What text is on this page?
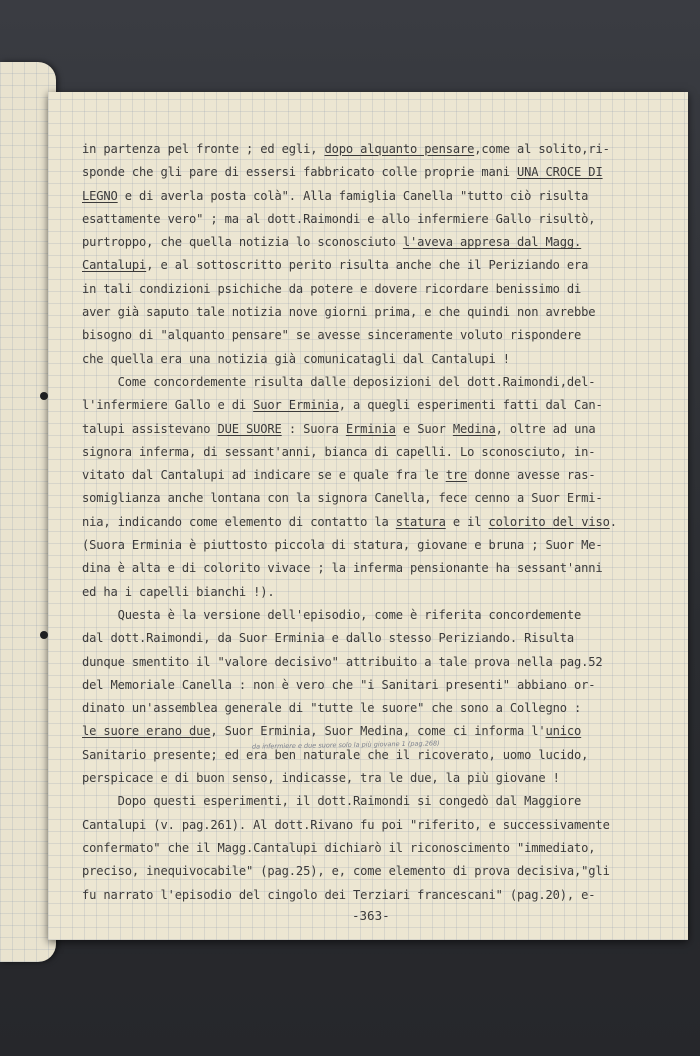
in partenza pel fronte ; ed egli, dopo alquanto pensare,come al solito,ri-
sponde che gli pare di essersi fabbricato colle proprie mani UNA CROCE DI
LEGNO e di averla posta colà". Alla famiglia Canella "tutto ciò risulta
esattamente vero" ; ma al dott.Raimondi e allo infermiere Gallo risultò,
purtroppo, che quella notizia lo sconosciuto l'aveva appresa dal Magg.
Cantalupi, e al sottoscritto perito risulta anche che il Periziando era
in tali condizioni psichiche da potere e dovere ricordare benissimo di
aver già saputo tale notizia nove giorni prima, e che quindi non avrebbe
bisogno di "alquanto pensare" se avesse sinceramente voluto rispondere
che quella era una notizia già comunicatagli dal Cantalupi !
Come concordemente risulta dalle deposizioni del dott.Raimondi,del-
l'infermiere Gallo e di Suor Erminia, a quegli esperimenti fatti dal Can-
talupi assistevano DUE SUORE : Suora Erminia e Suor Medina, oltre ad una
signora inferma, di sessant'anni, bianca di capelli. Lo sconosciuto, in-
vitato dal Cantalupi ad indicare se e quale fra le tre donne avesse ras-
somiglianza anche lontana con la signora Canella, fece cenno a Suor Ermi-
nia, indicando come elemento di contatto la statura e il colorito del viso.
(Suora Erminia è piuttosto piccola di statura, giovane e bruna ; Suor Me-
dina è alta e di colorito vivace ; la inferma pensionante ha sessant'anni
ed ha i capelli bianchi !).
Questa è la versione dell'episodio, come è riferita concordemente
dal dott.Raimondi, da Suor Erminia e dallo stesso Periziando. Risulta
dunque smentito il "valore decisivo" attribuito a tale prova nella pag.52
del Memoriale Canella : non è vero che "i Sanitari presenti" abbiano or-
dinato un'assemblea generale di "tutte le suore" che sono a Collegno :
le suore erano due, Suor Erminia, Suor Medina, come ci informa l'unico
Sanitario presente; ed era ben naturale che il ricoverato, uomo lucido,
perspicace e di buon senso, indicasse, tra le due, la più giovane !
Dopo questi esperimenti, il dott.Raimondi si congedò dal Maggiore
Cantalupi (v. pag.261). Al dott.Rivano fu poi "riferito, e successivamente
confermato" che il Magg.Cantalupi dichiarò il riconoscimento "immediato,
preciso, inequivocabile" (pag.25), e, come elemento di prova decisiva,"gli
fu narrato l'episodio del cingolo dei Terziari francescani" (pag.20), e-
da infermiere e due suore solo la più giovane 1 (pag.268)
-363-
